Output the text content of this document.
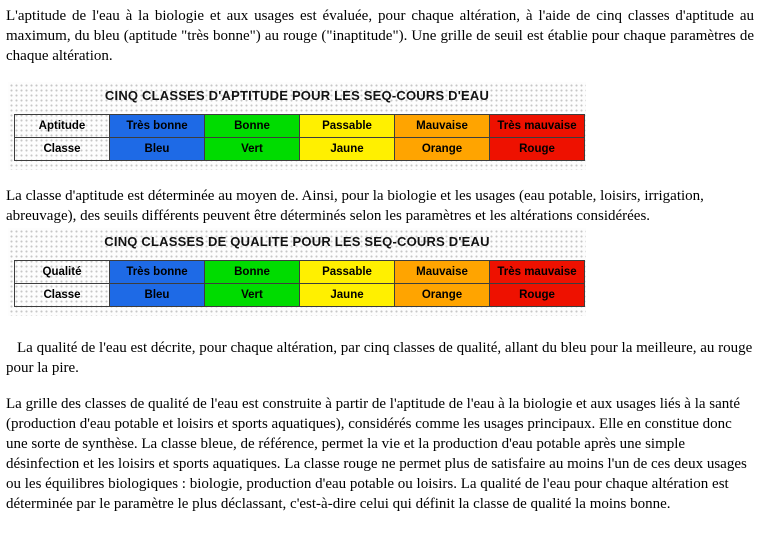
L'aptitude de l'eau à la biologie et aux usages est évaluée, pour chaque altération, à l'aide de cinq classes d'aptitude au maximum, du bleu (aptitude "très bonne") au rouge ("inaptitude"). Une grille de seuil est établie pour chaque paramètres de chaque altération.

CINQ CLASSES D'APTITUDE POUR LES SEQ-COURS D'EAU
Aptitude	Très bonne	Bonne	Passable	Mauvaise	Très mauvaise
Classe	Bleu	Vert	Jaune	Orange	Rouge

La classe d'aptitude est déterminée au moyen de. Ainsi, pour la biologie et les usages (eau potable, loisirs, irrigation, abreuvage), des seuils différents peuvent être déterminés selon les paramètres et les altérations considérées.

CINQ CLASSES DE QUALITE POUR LES SEQ-COURS D'EAU
Qualité	Très bonne	Bonne	Passable	Mauvaise	Très mauvaise
Classe	Bleu	Vert	Jaune	Orange	Rouge

La qualité de l'eau est décrite, pour chaque altération, par cinq classes de qualité, allant du bleu pour la meilleure, au rouge pour la pire.

La grille des classes de qualité de l'eau est construite à partir de l'aptitude de l'eau à la biologie et aux usages liés à la santé (production d'eau potable et loisirs et sports aquatiques), considérés comme les usages principaux. Elle en constitue donc une sorte de synthèse. La classe bleue, de référence, permet la vie et la production d'eau potable après une simple désinfection et les loisirs et sports aquatiques. La classe rouge ne permet plus de satisfaire au moins l'un de ces deux usages ou les équilibres biologiques : biologie, production d'eau potable ou loisirs. La qualité de l'eau pour chaque altération est déterminée par le paramètre le plus déclassant, c'est-à-dire celui qui définit la classe de qualité la moins bonne.
